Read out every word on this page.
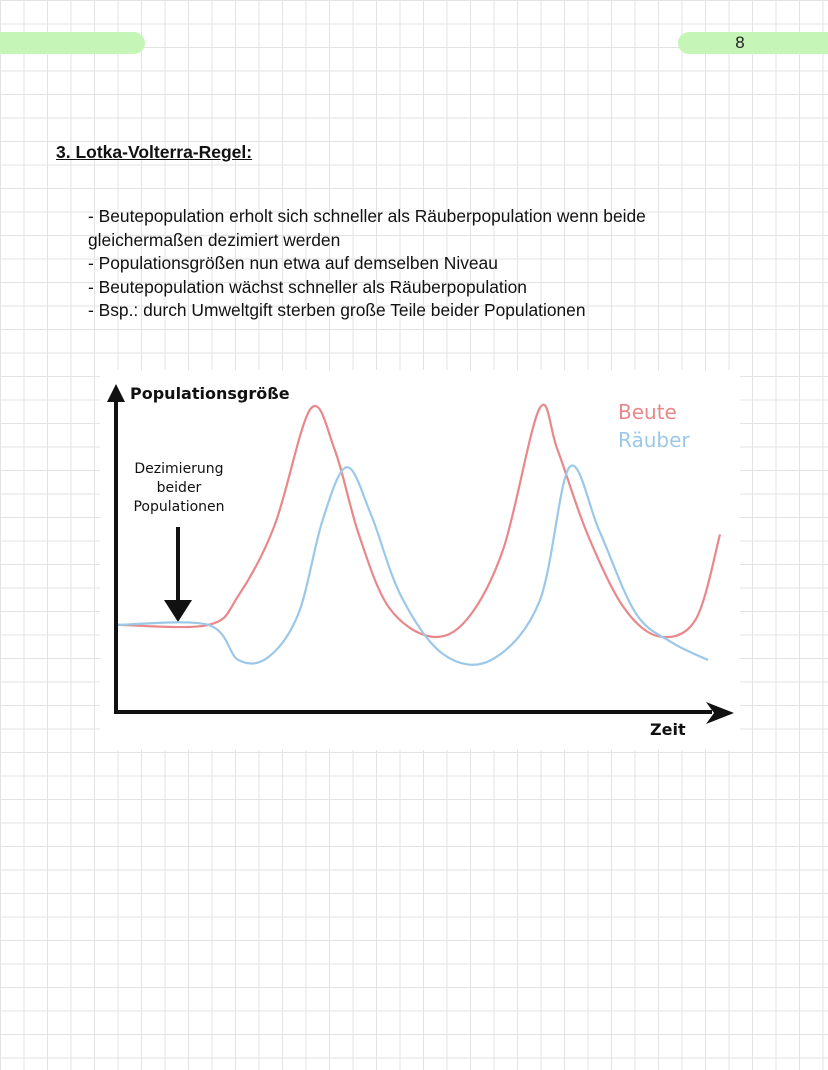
8
3. Lotka-Volterra-Regel:
- Beutepopulation erholt sich schneller als Räuberpopulation wenn beide
gleichermaßen dezimiert werden
- Populationsgrößen nun etwa auf demselben Niveau
- Beutepopulation wächst schneller als Räuberpopulation
- Bsp.: durch Umweltgift sterben große Teile beider Populationen
Populationsgröße
Zeit
Dezimierung
beider
Populationen
Beute
Räuber
